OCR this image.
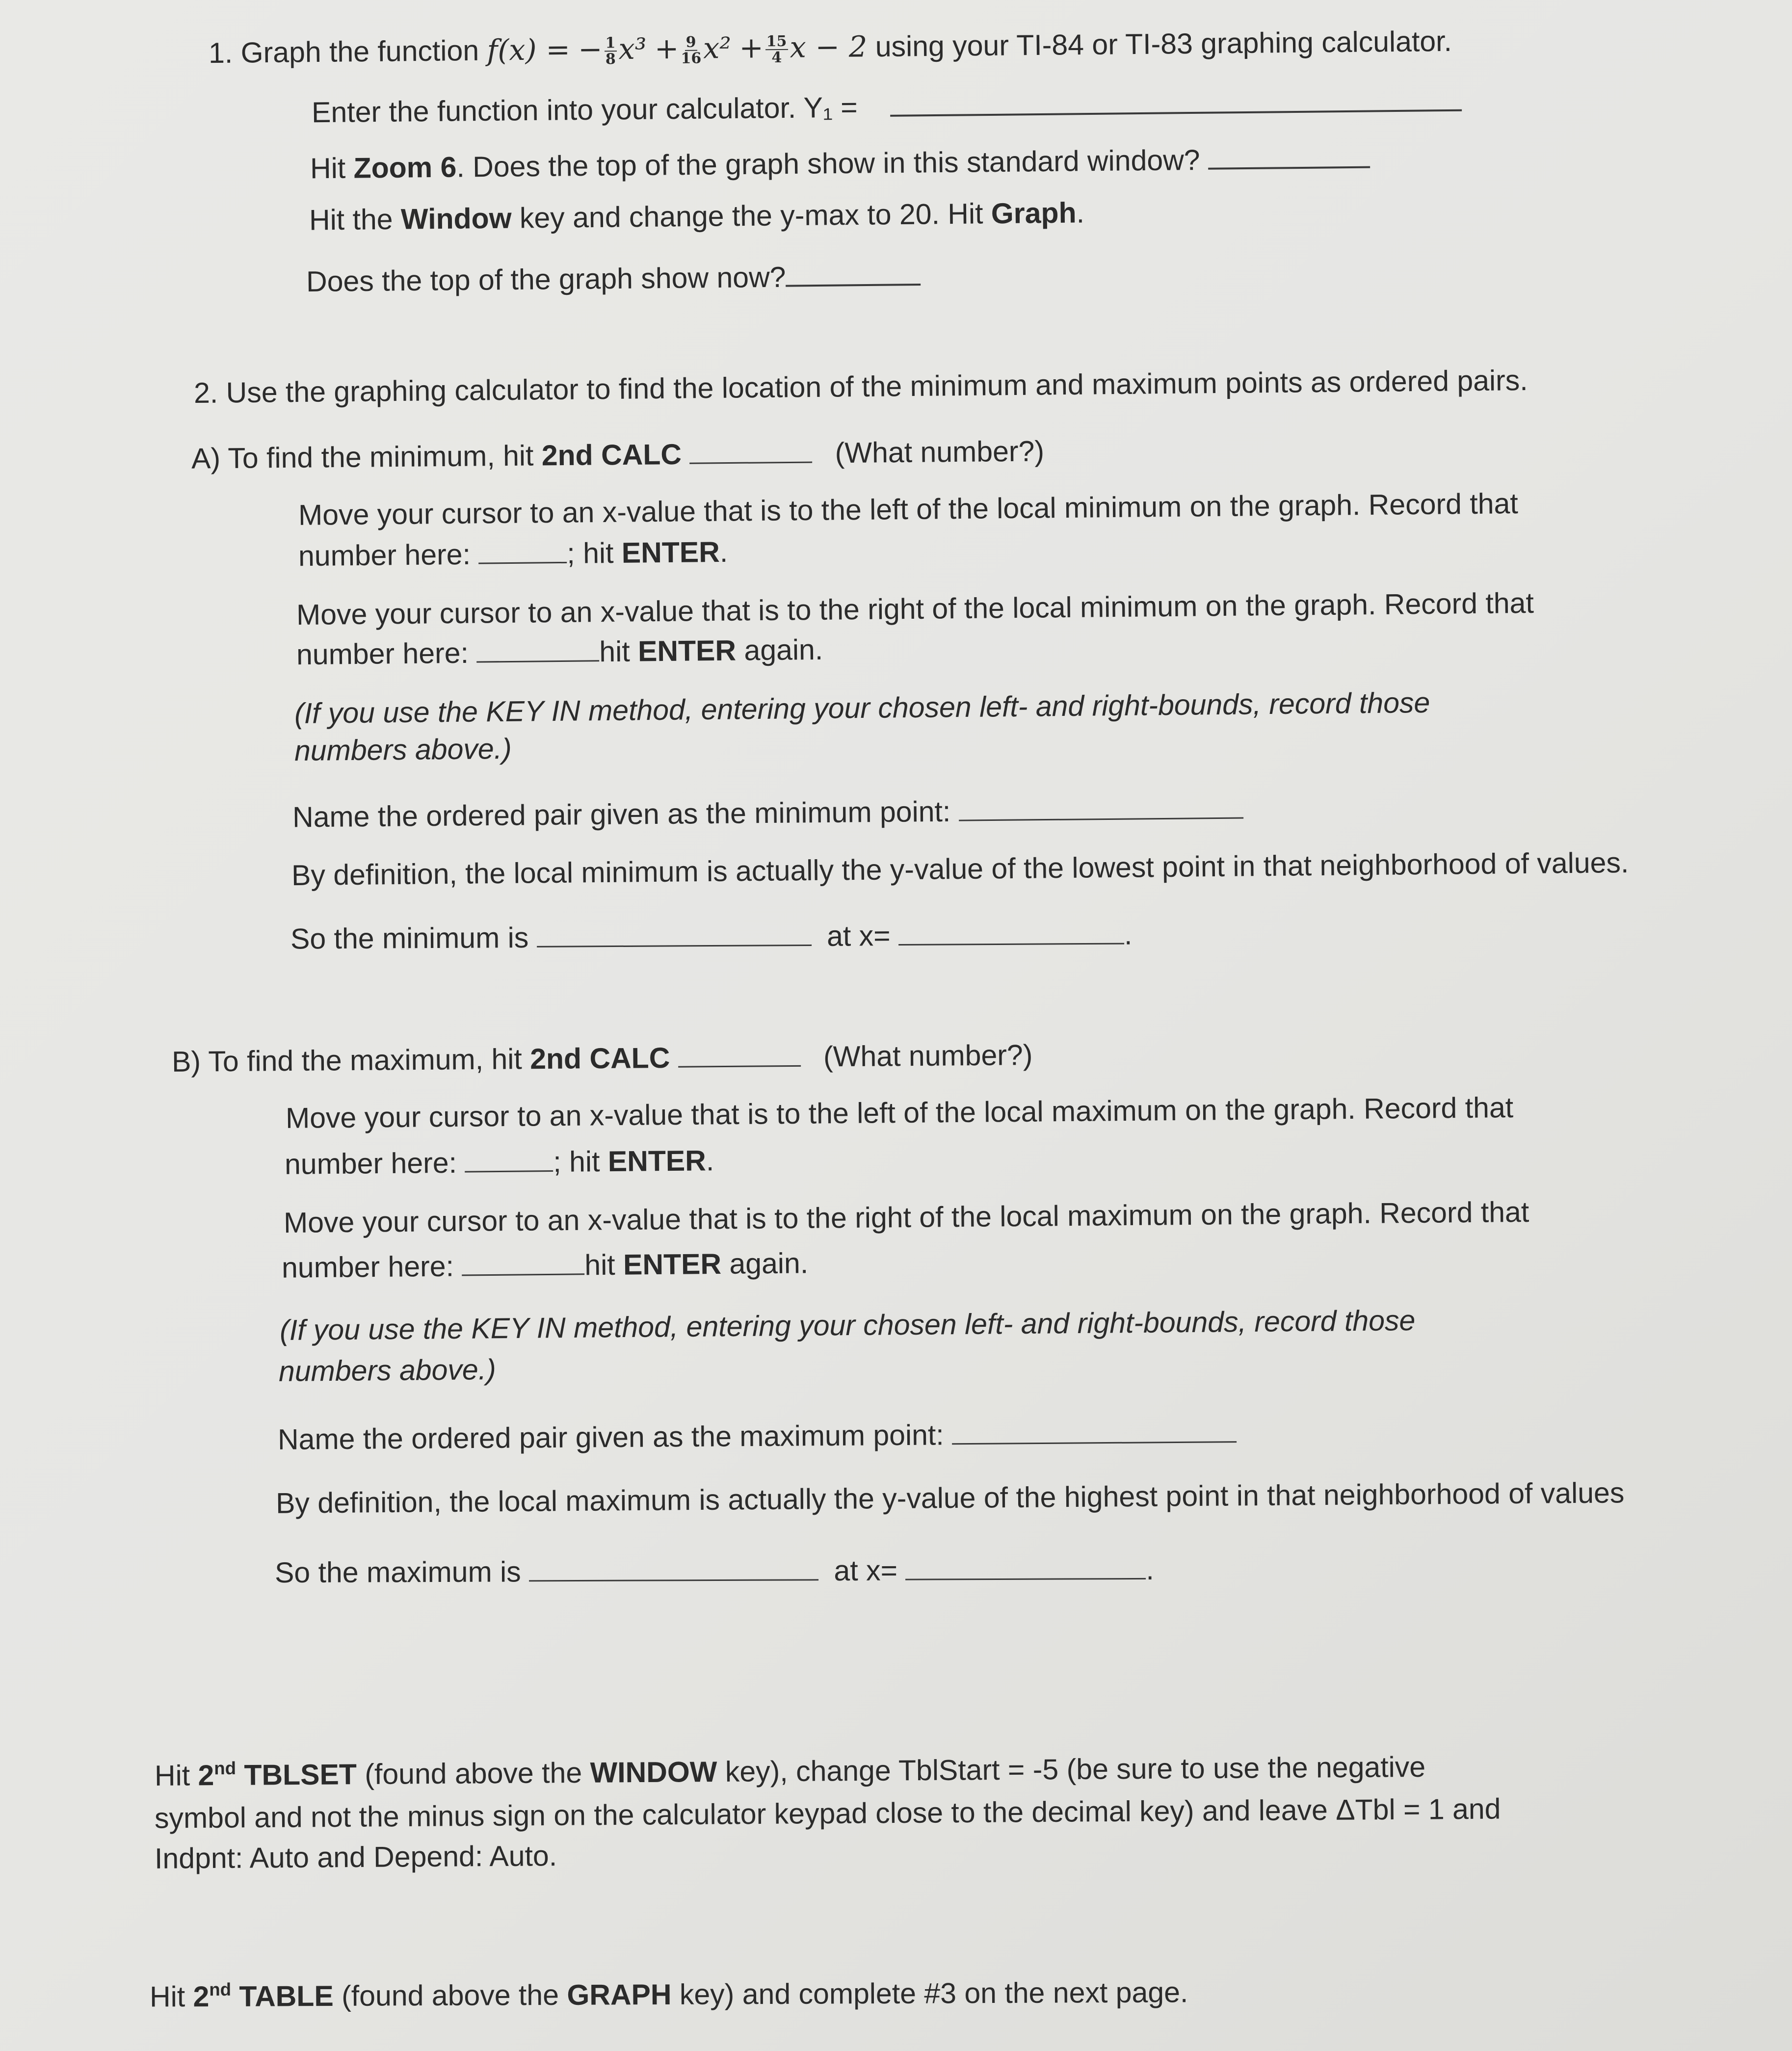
1. Graph the function f(x) = − $\frac{1}{8} x^3 + \frac{9}{16} x^2 + \frac{15}{4}$ x − 2 using your TI-84 or TI-83 graphing calculator.
Enter the function into your calculator. Y₁ =
Hit Zoom 6. Does the top of the graph show in this standard window?
Hit the Window key and change the y-max to 20. Hit Graph.
Does the top of the graph show now?
2. Use the graphing calculator to find the location of the minimum and maximum points as ordered pairs.
A) To find the minimum, hit 2nd CALC	(What number?)
Move your cursor to an x-value that is to the left of the local minimum on the graph. Record that
number here:	; hit ENTER.
Move your cursor to an x-value that is to the right of the local minimum on the graph. Record that
number here:	hit ENTER again.
(If you use the KEY IN method, entering your chosen left- and right-bounds, record those
numbers above.)
Name the ordered pair given as the minimum point:
By definition, the local minimum is actually the y-value of the lowest point in that neighborhood of values.
So the minimum is	at x=	.
B) To find the maximum, hit 2nd CALC	(What number?)
Move your cursor to an x-value that is to the left of the local maximum on the graph. Record that
number here:	; hit ENTER.
Move your cursor to an x-value that is to the right of the local maximum on the graph. Record that
number here:	hit ENTER again.
(If you use the KEY IN method, entering your chosen left- and right-bounds, record those
numbers above.)
Name the ordered pair given as the maximum point:
By definition, the local maximum is actually the y-value of the highest point in that neighborhood of values
So the maximum is	at x=	.
Hit 2nd TBLSET (found above the WINDOW key), change TblStart = -5 (be sure to use the negative
symbol and not the minus sign on the calculator keypad close to the decimal key) and leave ΔTbl = 1 and
Indpnt: Auto and Depend: Auto.
Hit 2nd TABLE (found above the GRAPH key) and complete #3 on the next page.
